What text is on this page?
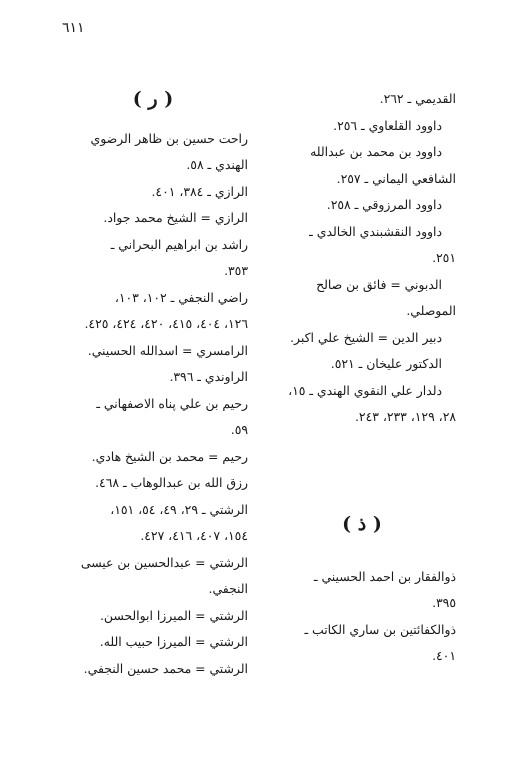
٦١١

القديمي ـ ٢٦٢.

داوود القلعاوي ـ ٢٥٦.

داوود بن محمد بن عبدالله

الشافعي اليماني ـ ٢٥٧.

داوود المرزوقي ـ ٢٥٨.

داوود النقشبندي الخالدي ـ

٢٥١.

الدبوني = فائق بن صالح

الموصلي.

دبير الدين = الشيخ علي اكبر.

الدكتور عليخان ـ ٥٢١.

دلدار علي النقوي الهندي ـ ١٥،

٢٨، ١٢٩، ٢٣٣، ٢٤٣.

( ذ )

ذوالفقار بن احمد الحسيني ـ

٣٩٥.

ذوالكفائتين بن ساري الكاتب ـ

٤٠١.

( ر )

راحت حسين بن ظاهر الرضوي

الهندي ـ ٥٨.

الرازي ـ ٣٨٤، ٤٠١.

الرازي = الشيخ محمد جواد.

راشد بن ابراهيم البحراني ـ

٣٥٣.

راضي النجفي ـ ١٠٢، ١٠٣،

١٢٦، ٤٠٤، ٤١٥، ٤٢٠، ٤٢٤، ٤٢٥.

الرامسري = اسدالله الحسيني.

الراوندي ـ ٣٩٦.

رحيم بن علي پناه الاصفهاني ـ

٥٩.

رحيم = محمد بن الشيخ هادي.

رزق الله بن عبدالوهاب ـ ٤٦٨.

الرشتي ـ ٢٩، ٤٩، ٥٤، ١٥١،

١٥٤، ٤٠٧، ٤١٦، ٤٢٧.

الرشتي = عبدالحسين بن عيسى

النجفي.

الرشتي = الميرزا ابوالحسن.

الرشتي = الميرزا حبيب الله.

الرشتي = محمد حسين النجفي.
